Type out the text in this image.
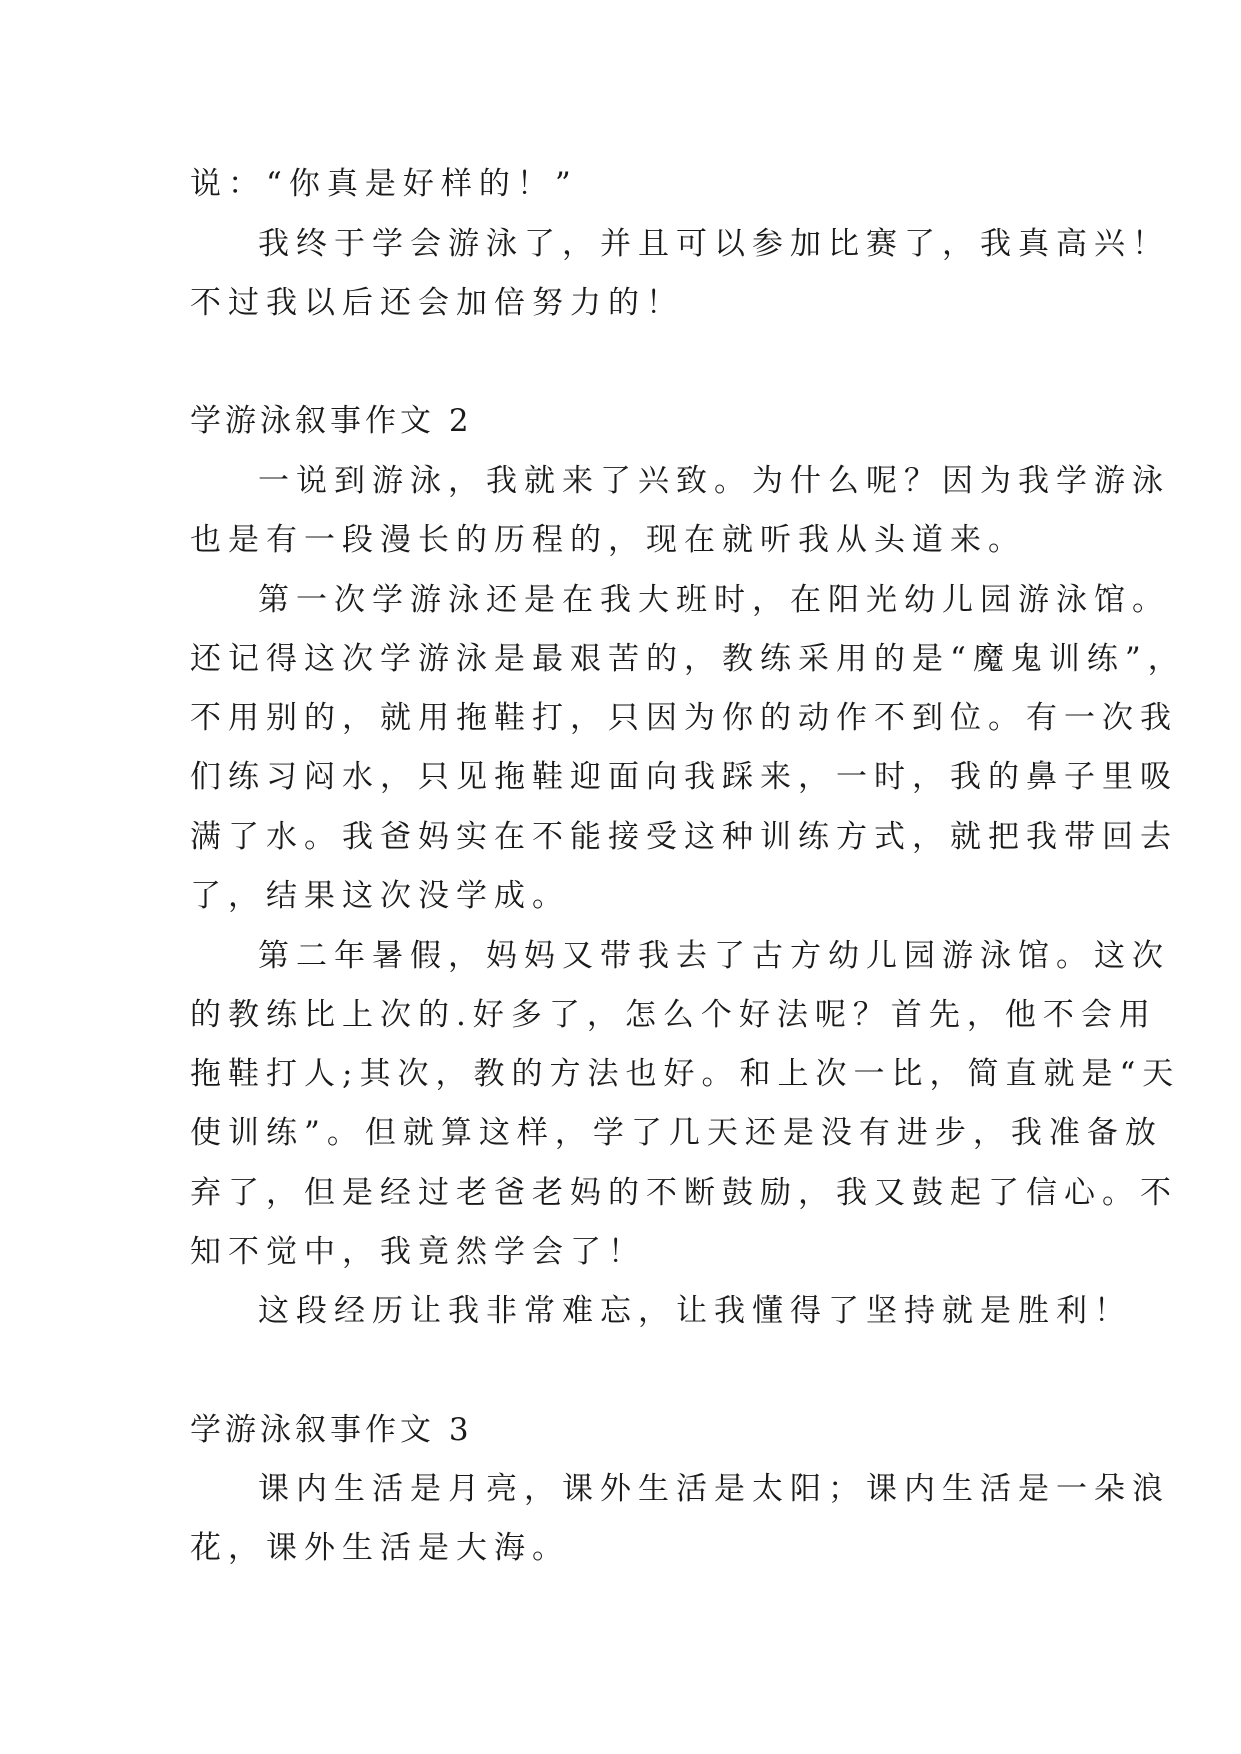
说：“你真是好样的！”
我终于学会游泳了，并且可以参加比赛了，我真高兴！
不过我以后还会加倍努力的！
学游泳叙事作文 2
一说到游泳，我就来了兴致。为什么呢？因为我学游泳
也是有一段漫长的历程的，现在就听我从头道来。
第一次学游泳还是在我大班时，在阳光幼儿园游泳馆。
还记得这次学游泳是最艰苦的，教练采用的是“魔鬼训练”，
不用别的，就用拖鞋打，只因为你的动作不到位。有一次我
们练习闷水，只见拖鞋迎面向我踩来，一时，我的鼻子里吸
满了水。我爸妈实在不能接受这种训练方式，就把我带回去
了，结果这次没学成。
第二年暑假，妈妈又带我去了古方幼儿园游泳馆。这次
的教练比上次的.好多了，怎么个好法呢？首先，他不会用
拖鞋打人;其次，教的方法也好。和上次一比，简直就是“天
使训练”。但就算这样，学了几天还是没有进步，我准备放
弃了，但是经过老爸老妈的不断鼓励，我又鼓起了信心。不
知不觉中，我竟然学会了！
这段经历让我非常难忘，让我懂得了坚持就是胜利！
学游泳叙事作文 3
课内生活是月亮，课外生活是太阳；课内生活是一朵浪
花，课外生活是大海。
